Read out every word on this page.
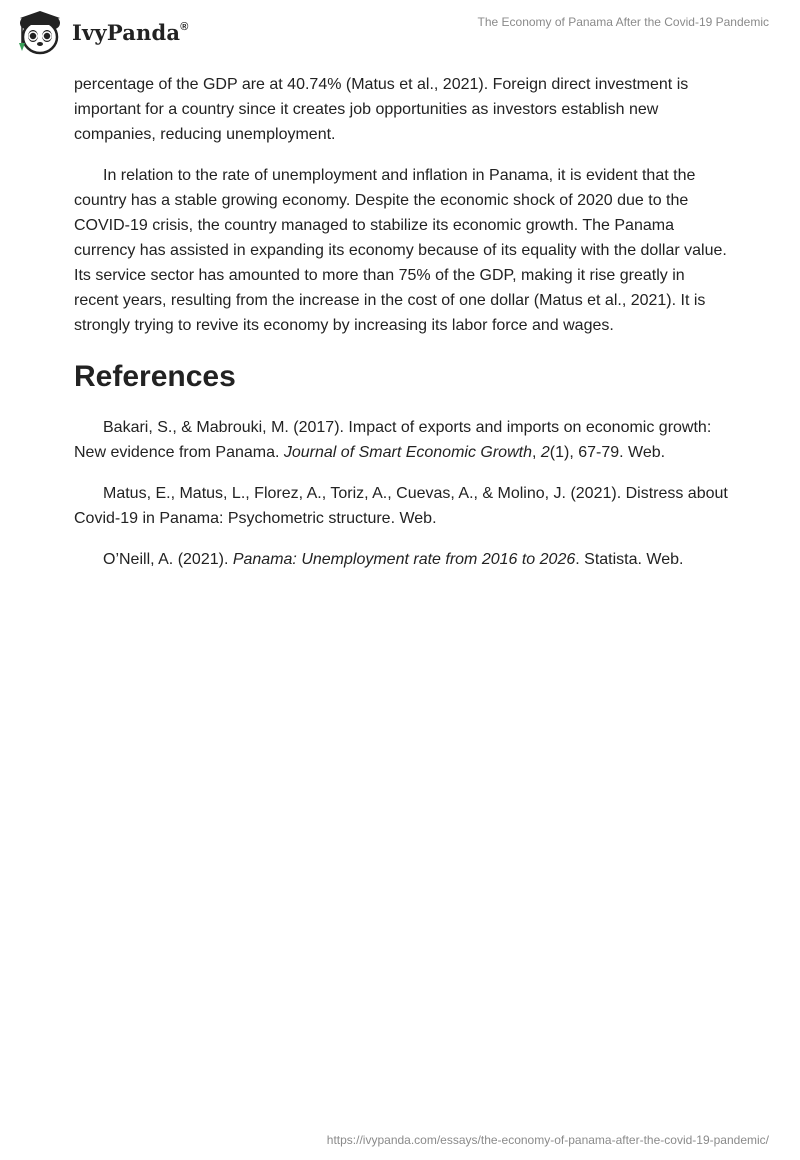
IvyPanda®	The Economy of Panama After the Covid-19 Pandemic

percentage of the GDP are at 40.74% (Matus et al., 2021). Foreign direct investment is important for a country since it creates job opportunities as investors establish new companies, reducing unemployment.

In relation to the rate of unemployment and inflation in Panama, it is evident that the country has a stable growing economy. Despite the economic shock of 2020 due to the COVID-19 crisis, the country managed to stabilize its economic growth. The Panama currency has assisted in expanding its economy because of its equality with the dollar value. Its service sector has amounted to more than 75% of the GDP, making it rise greatly in recent years, resulting from the increase in the cost of one dollar (Matus et al., 2021). It is strongly trying to revive its economy by increasing its labor force and wages.

References

Bakari, S., & Mabrouki, M. (2017). Impact of exports and imports on economic growth: New evidence from Panama. Journal of Smart Economic Growth, 2(1), 67-79. Web.

Matus, E., Matus, L., Florez, A., Toriz, A., Cuevas, A., & Molino, J. (2021). Distress about Covid-19 in Panama: Psychometric structure. Web.

O’Neill, A. (2021). Panama: Unemployment rate from 2016 to 2026. Statista. Web.

https://ivypanda.com/essays/the-economy-of-panama-after-the-covid-19-pandemic/
